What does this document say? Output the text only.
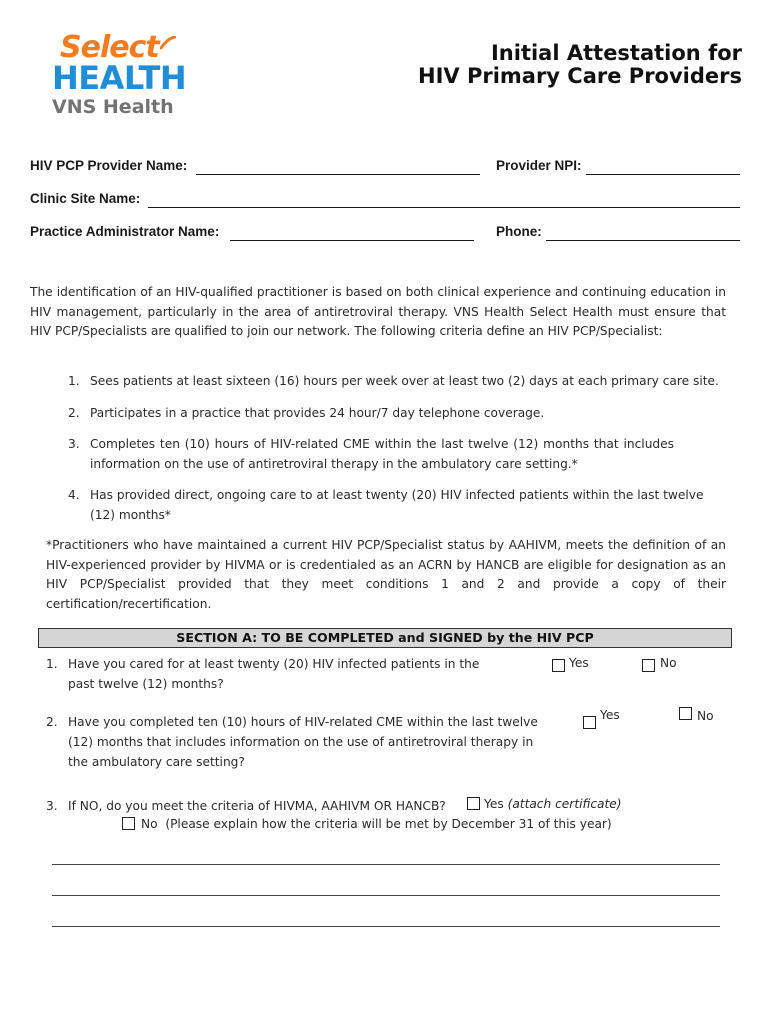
Select
HEALTH
VNS Health
Initial Attestation for
HIV Primary Care Providers
HIV PCP Provider Name:	Provider NPI:
Clinic Site Name:
Practice Administrator Name:	Phone:
The identification of an HIV-qualified practitioner is based on both clinical experience and continuing education in HIV management, particularly in the area of antiretroviral therapy. VNS Health Select Health must ensure that HIV PCP/Specialists are qualified to join our network. The following criteria define an HIV PCP/Specialist:
1. Sees patients at least sixteen (16) hours per week over at least two (2) days at each primary care site.
2. Participates in a practice that provides 24 hour/7 day telephone coverage.
3. Completes ten (10) hours of HIV-related CME within the last twelve (12) months that includes information on the use of antiretroviral therapy in the ambulatory care setting.*
4. Has provided direct, ongoing care to at least twenty (20) HIV infected patients within the last twelve (12) months*
*Practitioners who have maintained a current HIV PCP/Specialist status by AAHIVM, meets the definition of an HIV-experienced provider by HIVMA or is credentialed as an ACRN by HANCB are eligible for designation as an HIV PCP/Specialist provided that they meet conditions 1 and 2 and provide a copy of their certification/recertification.
SECTION A: TO BE COMPLETED and SIGNED by the HIV PCP
1. Have you cared for at least twenty (20) HIV infected patients in the past twelve (12) months?
Yes	No
2. Have you completed ten (10) hours of HIV-related CME within the last twelve (12) months that includes information on the use of antiretroviral therapy in the ambulatory care setting?
Yes	No
3. If NO, do you meet the criteria of HIVMA, AAHIVM OR HANCB?	Yes (attach certificate)
No (Please explain how the criteria will be met by December 31 of this year)
